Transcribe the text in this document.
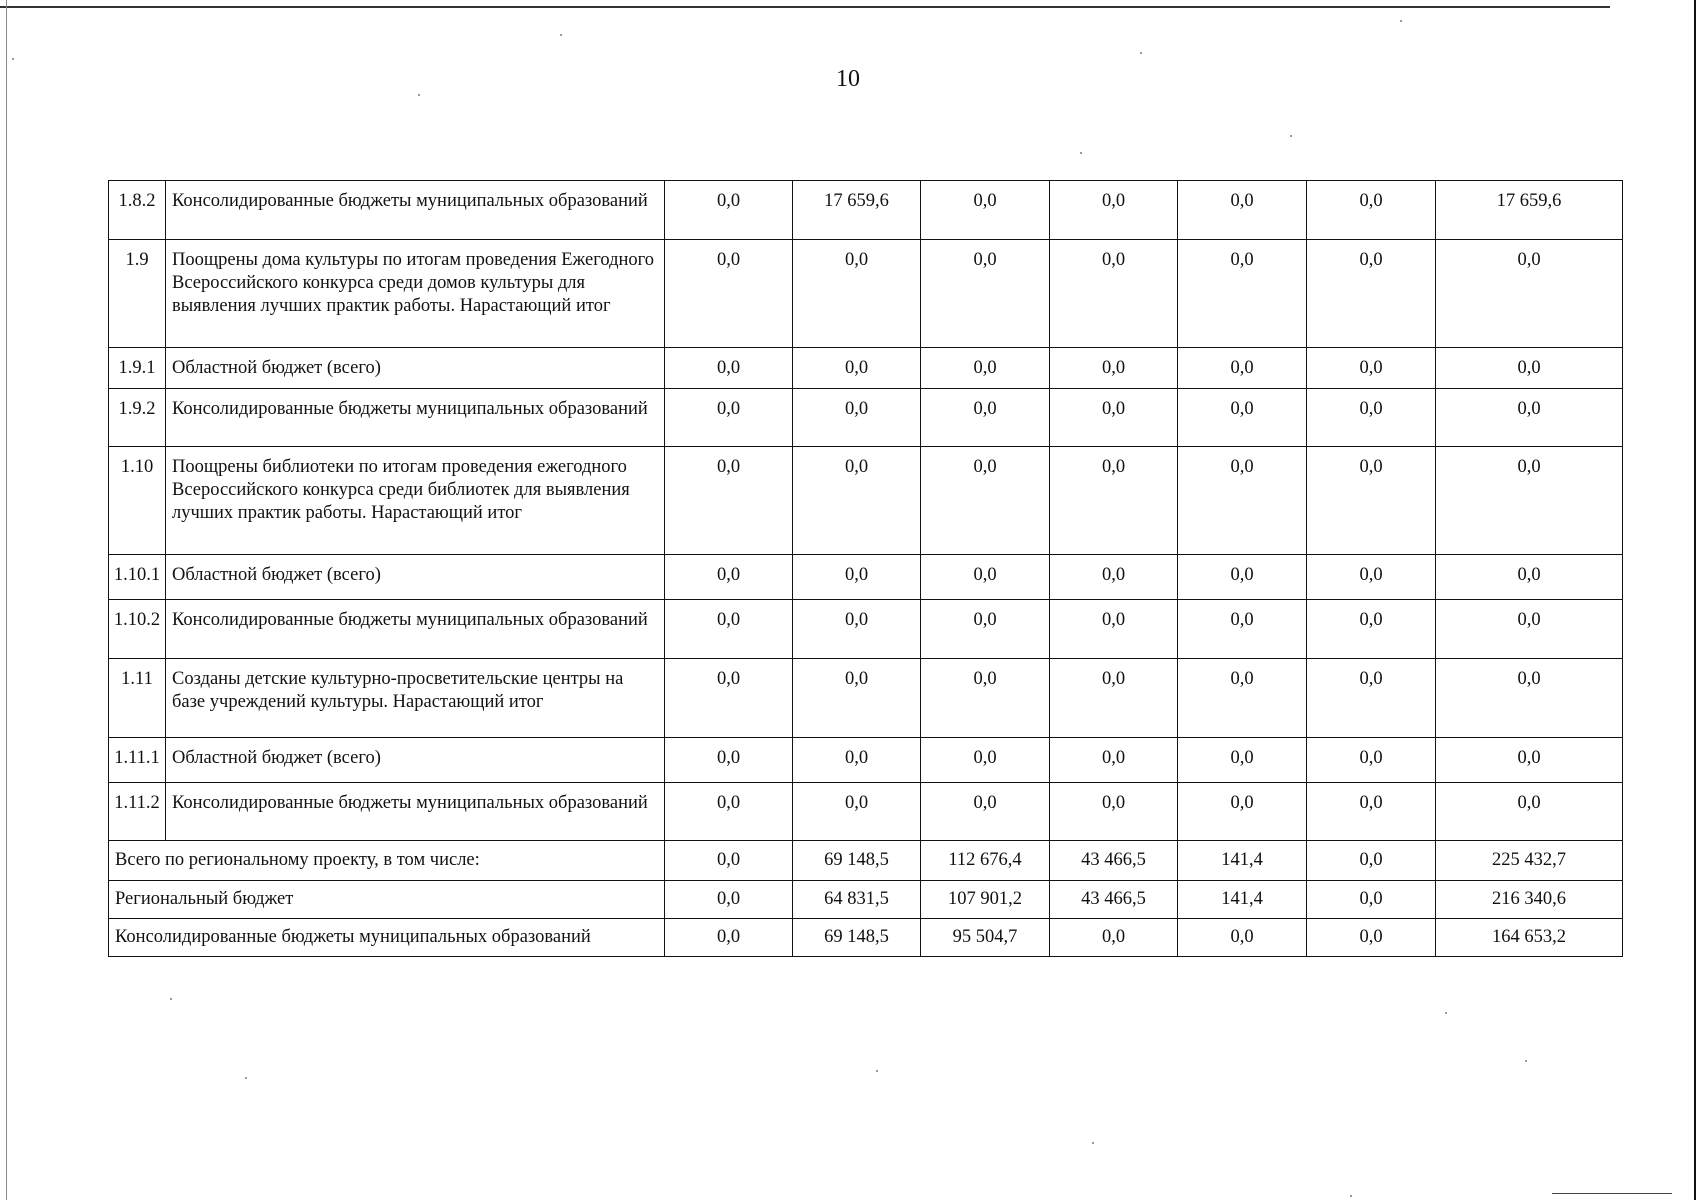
10
1.8.2	Консолидированные бюджеты муниципальных образований	0,0	17 659,6	0,0	0,0	0,0	0,0	17 659,6
1.9	Поощрены дома культуры по итогам проведения Ежегодного Всероссийского конкурса среди домов культуры для выявления лучших практик работы. Нарастающий итог	0,0	0,0	0,0	0,0	0,0	0,0	0,0
1.9.1	Областной бюджет (всего)	0,0	0,0	0,0	0,0	0,0	0,0	0,0
1.9.2	Консолидированные бюджеты муниципальных образований	0,0	0,0	0,0	0,0	0,0	0,0	0,0
1.10	Поощрены библиотеки по итогам проведения ежегодного Всероссийского конкурса среди библиотек для выявления лучших практик работы. Нарастающий итог	0,0	0,0	0,0	0,0	0,0	0,0	0,0
1.10.1	Областной бюджет (всего)	0,0	0,0	0,0	0,0	0,0	0,0	0,0
1.10.2	Консолидированные бюджеты муниципальных образований	0,0	0,0	0,0	0,0	0,0	0,0	0,0
1.11	Созданы детские культурно-просветительские центры на базе учреждений культуры. Нарастающий итог	0,0	0,0	0,0	0,0	0,0	0,0	0,0
1.11.1	Областной бюджет (всего)	0,0	0,0	0,0	0,0	0,0	0,0	0,0
1.11.2	Консолидированные бюджеты муниципальных образований	0,0	0,0	0,0	0,0	0,0	0,0	0,0
Всего по региональному проекту, в том числе:		0,0	69 148,5	112 676,4	43 466,5	141,4	0,0	225 432,7
Региональный бюджет		0,0	64 831,5	107 901,2	43 466,5	141,4	0,0	216 340,6
Консолидированные бюджеты муниципальных образований		0,0	69 148,5	95 504,7	0,0	0,0	0,0	164 653,2
